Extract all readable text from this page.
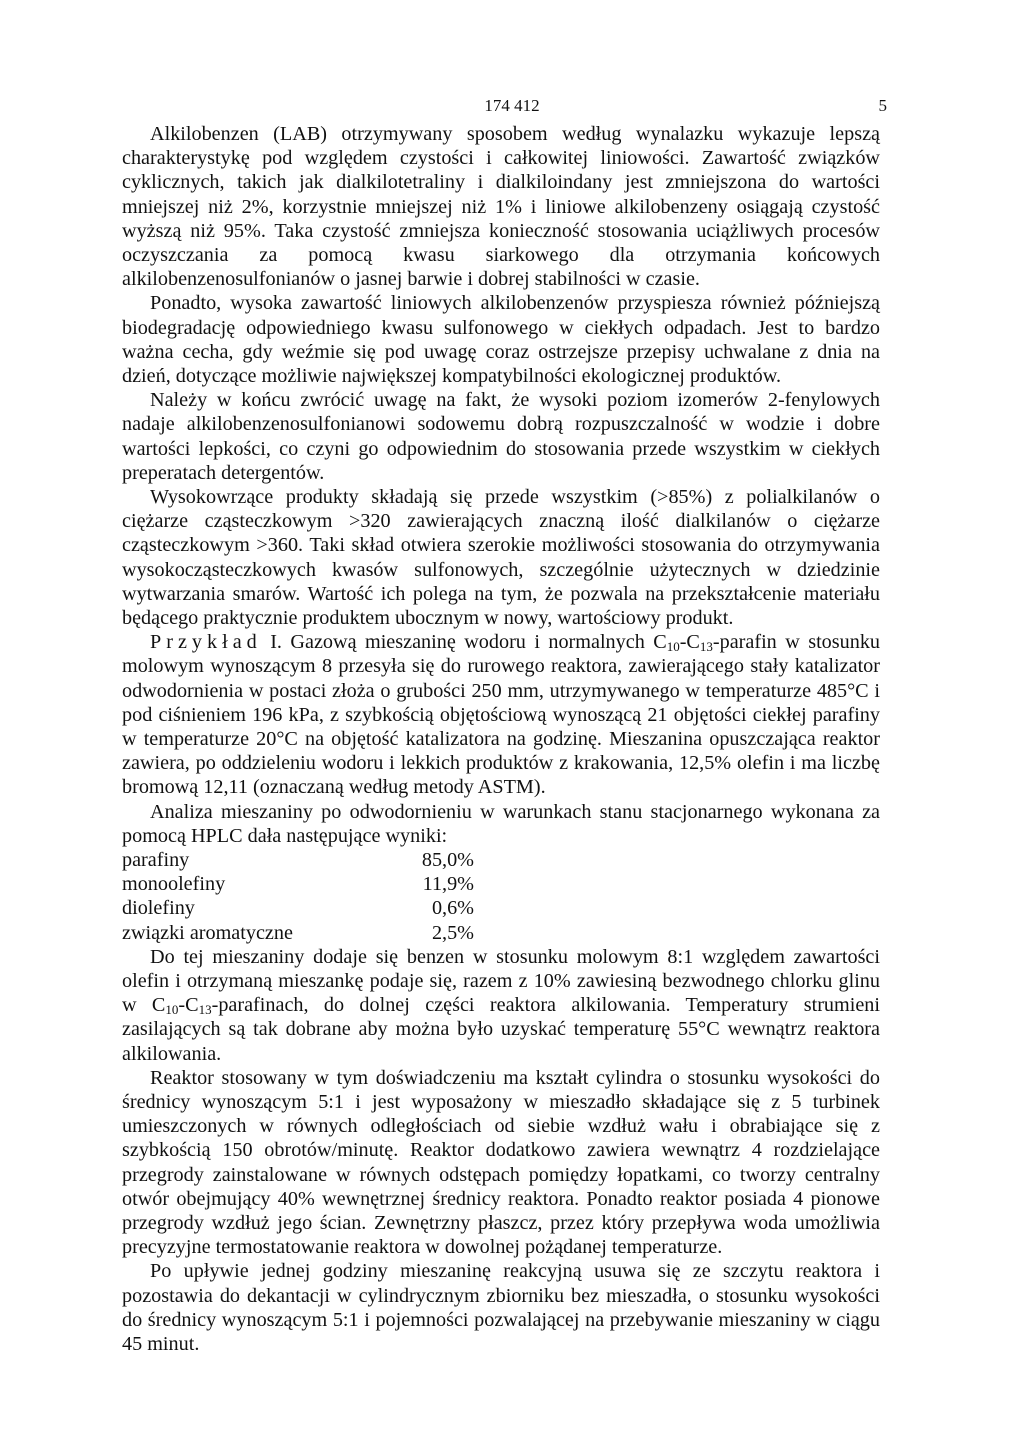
174 412	5

Alkilobenzen (LAB) otrzymywany sposobem według wynalazku wykazuje lepszą charakterystykę pod względem czystości i całkowitej liniowości. Zawartość związków cyklicznych, takich jak dialkilotetraliny i dialkiloindany jest zmniejszona do wartości mniejszej niż 2%, korzystnie mniejszej niż 1% i liniowe alkilobenzeny osiągają czystość wyższą niż 95%. Taka czystość zmniejsza konieczność stosowania uciążliwych procesów oczyszczania za pomocą kwasu siarkowego dla otrzymania końcowych alkilobenzenosulfonianów o jasnej barwie i dobrej stabilności w czasie.

Ponadto, wysoka zawartość liniowych alkilobenzenów przyspiesza również późniejszą biodegradację odpowiedniego kwasu sulfonowego w ciekłych odpadach. Jest to bardzo ważna cecha, gdy weźmie się pod uwagę coraz ostrzejsze przepisy uchwalane z dnia na dzień, dotyczące możliwie największej kompatybilności ekologicznej produktów.

Należy w końcu zwrócić uwagę na fakt, że wysoki poziom izomerów 2-fenylowych nadaje alkilobenzenosulfonianowi sodowemu dobrą rozpuszczalność w wodzie i dobre wartości lepkości, co czyni go odpowiednim do stosowania przede wszystkim w ciekłych preperatach detergentów.

Wysokowrzące produkty składają się przede wszystkim (>85%) z polialkilanów o ciężarze cząsteczkowym >320 zawierających znaczną ilość dialkilanów o ciężarze cząsteczkowym >360. Taki skład otwiera szerokie możliwości stosowania do otrzymywania wysokocząsteczkowych kwasów sulfonowych, szczególnie użytecznych w dziedzinie wytwarzania smarów. Wartość ich polega na tym, że pozwala na przekształcenie materiału będącego praktycznie produktem ubocznym w nowy, wartościowy produkt.

Przykład I. Gazową mieszaninę wodoru i normalnych $C_{10}-C_{13}$-parafin w stosunku molowym wynoszącym 8 przesyła się do rurowego reaktora, zawierającego stały katalizator odwodornienia w postaci złoża o grubości 250 mm, utrzymywanego w temperaturze 485°C i pod ciśnieniem 196 kPa, z szybkością objętościową wynoszącą 21 objętości ciekłej parafiny w temperaturze 20°C na objętość katalizatora na godzinę. Mieszanina opuszczająca reaktor zawiera, po oddzieleniu wodoru i lekkich produktów z krakowania, 12,5% olefin i ma liczbę bromową 12,11 (oznaczaną według metody ASTM).

Analiza mieszaniny po odwodornieniu w warunkach stanu stacjonarnego wykonana za pomocą HPLC dała następujące wyniki:

parafiny	85,0%
monoolefiny	11,9%
diolefiny	0,6%
związki aromatyczne	2,5%

Do tej mieszaniny dodaje się benzen w stosunku molowym 8:1 względem zawartości olefin i otrzymaną mieszankę podaje się, razem z 10% zawiesiną bezwodnego chlorku glinu w $C_{10}-C_{13}$-parafinach, do dolnej części reaktora alkilowania. Temperatury strumieni zasilających są tak dobrane aby można było uzyskać temperaturę 55°C wewnątrz reaktora alkilowania.

Reaktor stosowany w tym doświadczeniu ma kształt cylindra o stosunku wysokości do średnicy wynoszącym 5:1 i jest wyposażony w mieszadło składające się z 5 turbinek umieszczonych w równych odległościach od siebie wzdłuż wału i obrabiające się z szybkością 150 obrotów/minutę. Reaktor dodatkowo zawiera wewnątrz 4 rozdzielające przegrody zainstalowane w równych odstępach pomiędzy łopatkami, co tworzy centralny otwór obejmujący 40% wewnętrznej średnicy reaktora. Ponadto reaktor posiada 4 pionowe przegrody wzdłuż jego ścian. Zewnętrzny płaszcz, przez który przepływa woda umożliwia precyzyjne termostatowanie reaktora w dowolnej pożądanej temperaturze.

Po upływie jednej godziny mieszaninę reakcyjną usuwa się ze szczytu reaktora i pozostawia do dekantacji w cylindrycznym zbiorniku bez mieszadła, o stosunku wysokości do średnicy wynoszącym 5:1 i pojemności pozwalającej na przebywanie mieszaniny w ciągu 45 minut.
